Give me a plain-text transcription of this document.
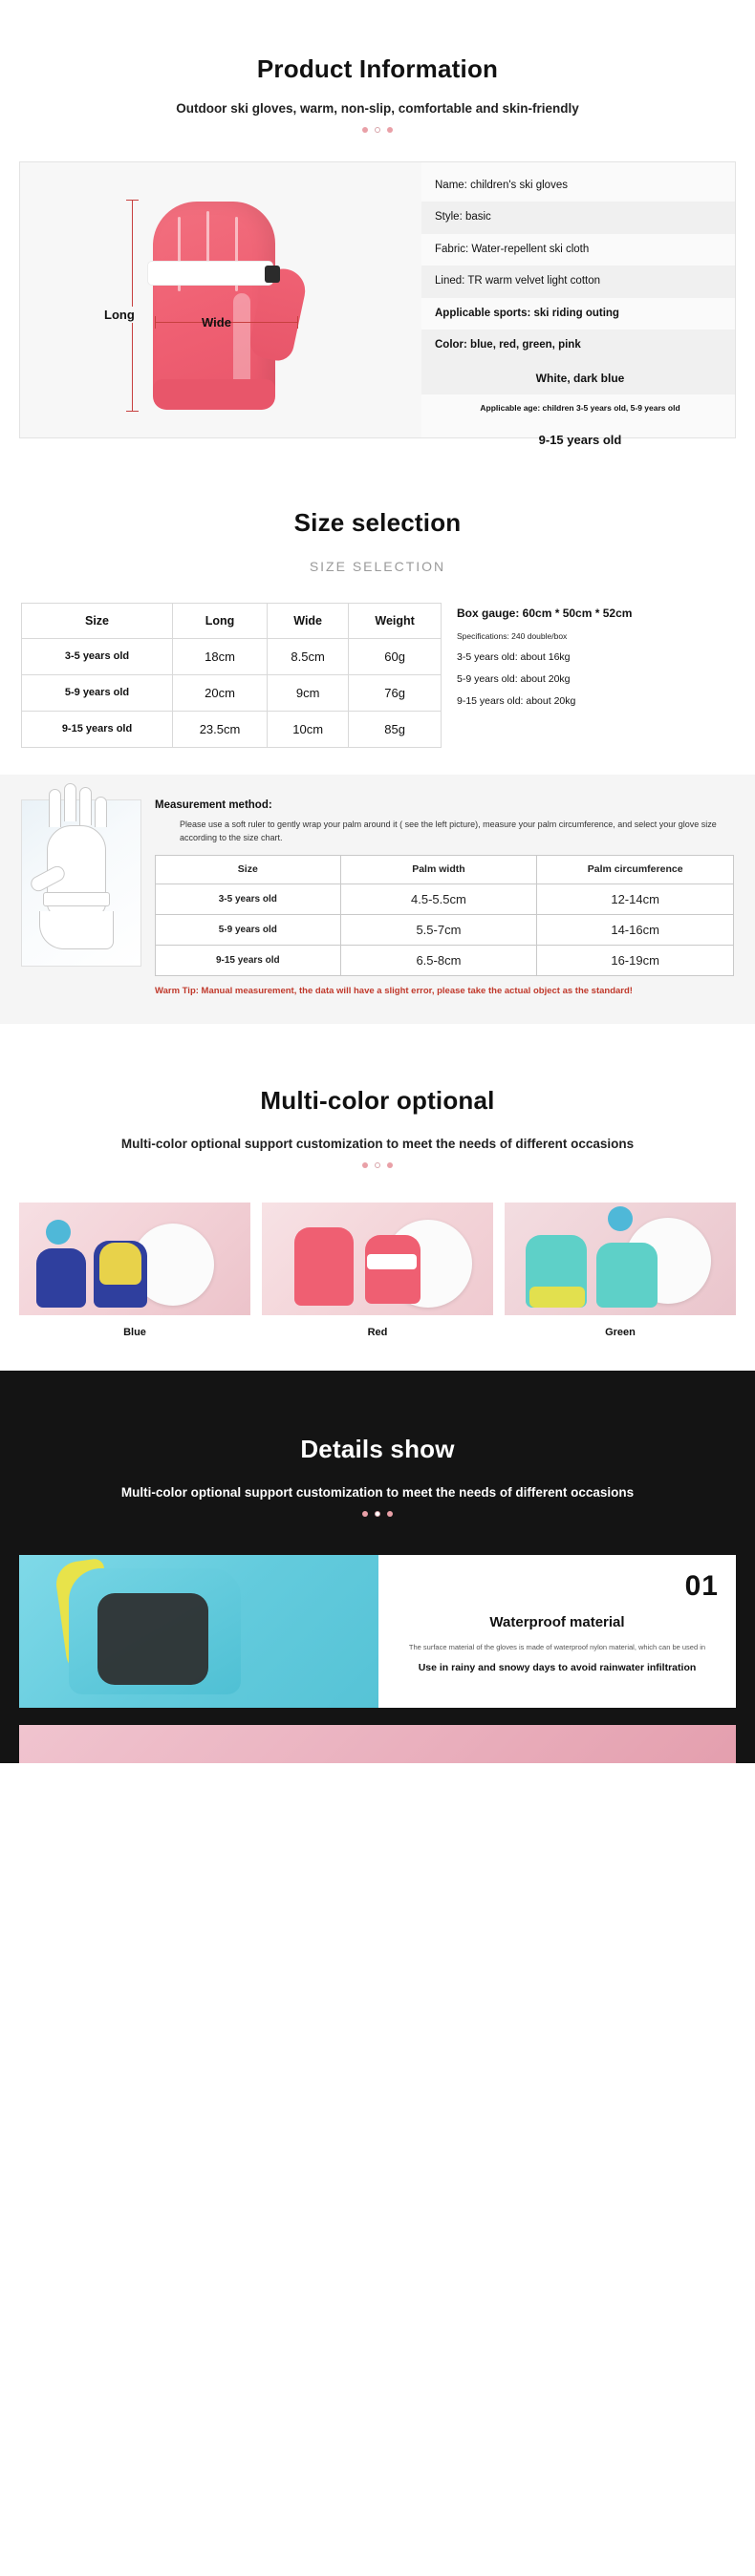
Product Information
Outdoor ski gloves, warm, non-slip, comfortable and skin-friendly
Long
Wide
Name: children's ski gloves
Style: basic
Fabric: Water-repellent ski cloth
Lined: TR warm velvet light cotton
Applicable sports: ski riding outing
Color: blue, red, green, pink
White, dark blue
Applicable age: children 3-5 years old, 5-9 years old
9-15 years old
Size selection
SIZE SELECTION
Size	Long	Wide	Weight
3-5 years old	18cm	8.5cm	60g
5-9 years old	20cm	9cm	76g
9-15 years old	23.5cm	10cm	85g
Box gauge: 60cm * 50cm * 52cm
Specifications: 240 double/box
3-5 years old: about 16kg
5-9 years old: about 20kg
9-15 years old: about 20kg
Measurement method:
Please use a soft ruler to gently wrap your palm around it ( see the left picture), measure your palm circumference, and select your glove size according to the size chart.
Size	Palm width	Palm circumference
3-5 years old	4.5-5.5cm	12-14cm
5-9 years old	5.5-7cm	14-16cm
9-15 years old	6.5-8cm	16-19cm
Warm Tip: Manual measurement, the data will have a slight error, please take the actual object as the standard!
Multi-color optional
Multi-color optional support customization to meet the needs of different occasions
Blue	Red	Green
Details show
Multi-color optional support customization to meet the needs of different occasions
01
Waterproof material
The surface material of the gloves is made of waterproof nylon material, which can be used in
Use in rainy and snowy days to avoid rainwater infiltration
